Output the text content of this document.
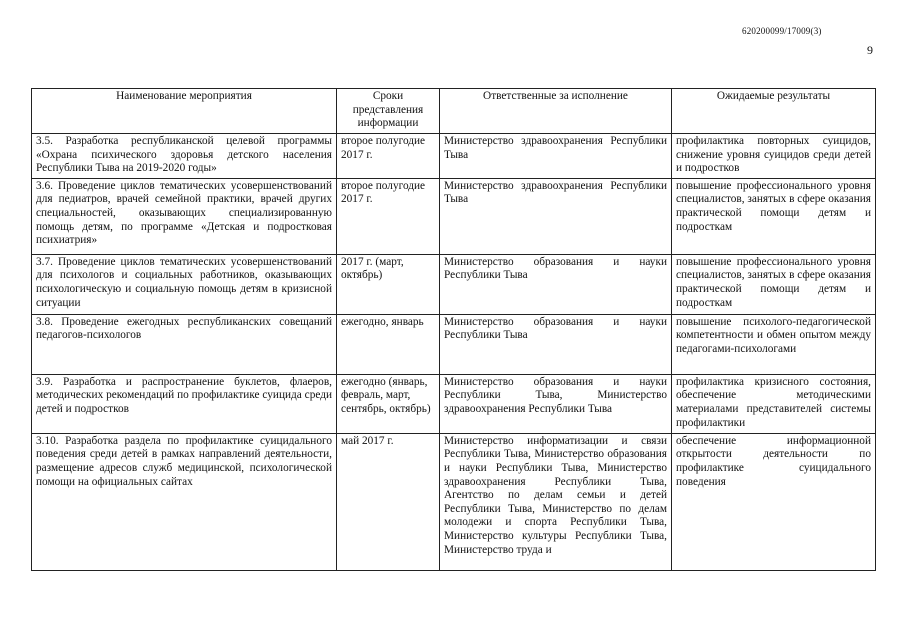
620200099/17009(3)
9
Наименование мероприятия	Сроки представления информации	Ответственные за исполнение	Ожидаемые результаты
3.5. Разработка республиканской целевой программы «Охрана психического здоровья детского населения Республики Тыва на 2019-2020 годы»	второе полугодие 2017 г.	Министерство здравоохранения Республики Тыва	профилактика повторных суицидов, снижение уровня суицидов среди детей и подростков
3.6. Проведение циклов тематических усовершенствований для педиатров, врачей семейной практики, врачей других специальностей, оказывающих специализированную помощь детям, по программе «Детская и подростковая психиатрия»	второе полугодие 2017 г.	Министерство здравоохранения Республики Тыва	повышение профессионального уровня специалистов, занятых в сфере оказания практической помощи детям и подросткам
3.7. Проведение циклов тематических усовершенствований для психологов и социальных работников, оказывающих психологическую и социальную помощь детям в кризисной ситуации	2017 г. (март, октябрь)	Министерство образования и науки Республики Тыва	повышение профессионального уровня специалистов, занятых в сфере оказания практической помощи детям и подросткам
3.8. Проведение ежегодных республиканских совещаний педагогов-психологов	ежегодно, январь	Министерство образования и науки Республики Тыва	повышение психолого-педагогической компетентности и обмен опытом между педагогами-психологами
3.9. Разработка и распространение буклетов, флаеров, методических рекомендаций по профилактике суицида среди детей и подростков	ежегодно (январь, февраль, март, сентябрь, октябрь)	Министерство образования и науки Республики Тыва, Министерство здравоохранения Республики Тыва	профилактика кризисного состояния, обеспечение методическими материалами представителей системы профилактики
3.10. Разработка раздела по профилактике суицидального поведения среди детей в рамках направлений деятельности, размещение адресов служб медицинской, психологической помощи на официальных сайтах	май 2017 г.	Министерство информатизации и связи Республики Тыва, Министерство образования и науки Республики Тыва, Министерство здравоохранения Республики Тыва, Агентство по делам семьи и детей Республики Тыва, Министерство по делам молодежи и спорта Республики Тыва, Министерство культуры Республики Тыва, Министерство труда и	обеспечение информационной открытости деятельности по профилактике суицидального поведения
